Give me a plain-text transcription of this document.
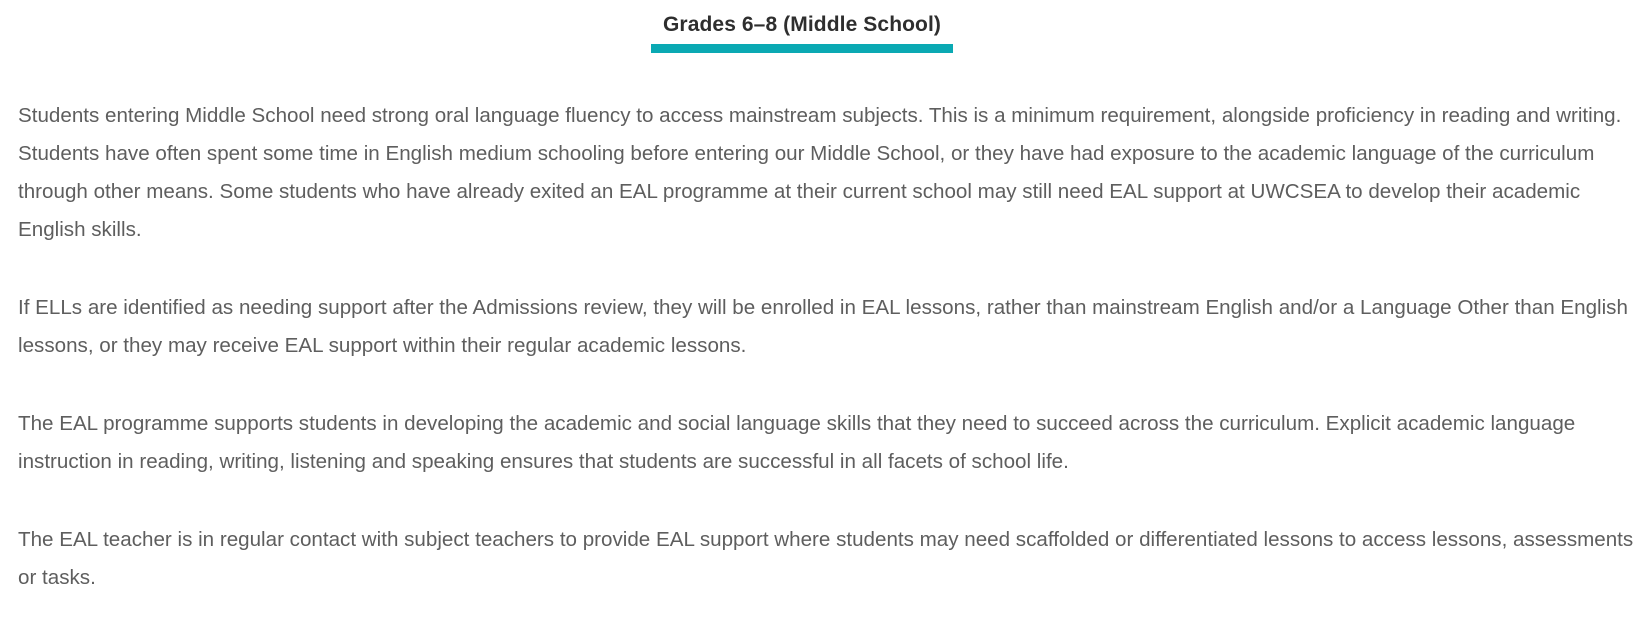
Grades 6–8 (Middle School)

Students entering Middle School need strong oral language fluency to access mainstream subjects. This is a minimum requirement, alongside proficiency in reading and writing. Students have often spent some time in English medium schooling before entering our Middle School, or they have had exposure to the academic language of the curriculum through other means. Some students who have already exited an EAL programme at their current school may still need EAL support at UWCSEA to develop their academic English skills.

If ELLs are identified as needing support after the Admissions review, they will be enrolled in EAL lessons, rather than mainstream English and/or a Language Other than English lessons, or they may receive EAL support within their regular academic lessons.

The EAL programme supports students in developing the academic and social language skills that they need to succeed across the curriculum. Explicit academic language instruction in reading, writing, listening and speaking ensures that students are successful in all facets of school life.

The EAL teacher is in regular contact with subject teachers to provide EAL support where students may need scaffolded or differentiated lessons to access lessons, assessments or tasks.
